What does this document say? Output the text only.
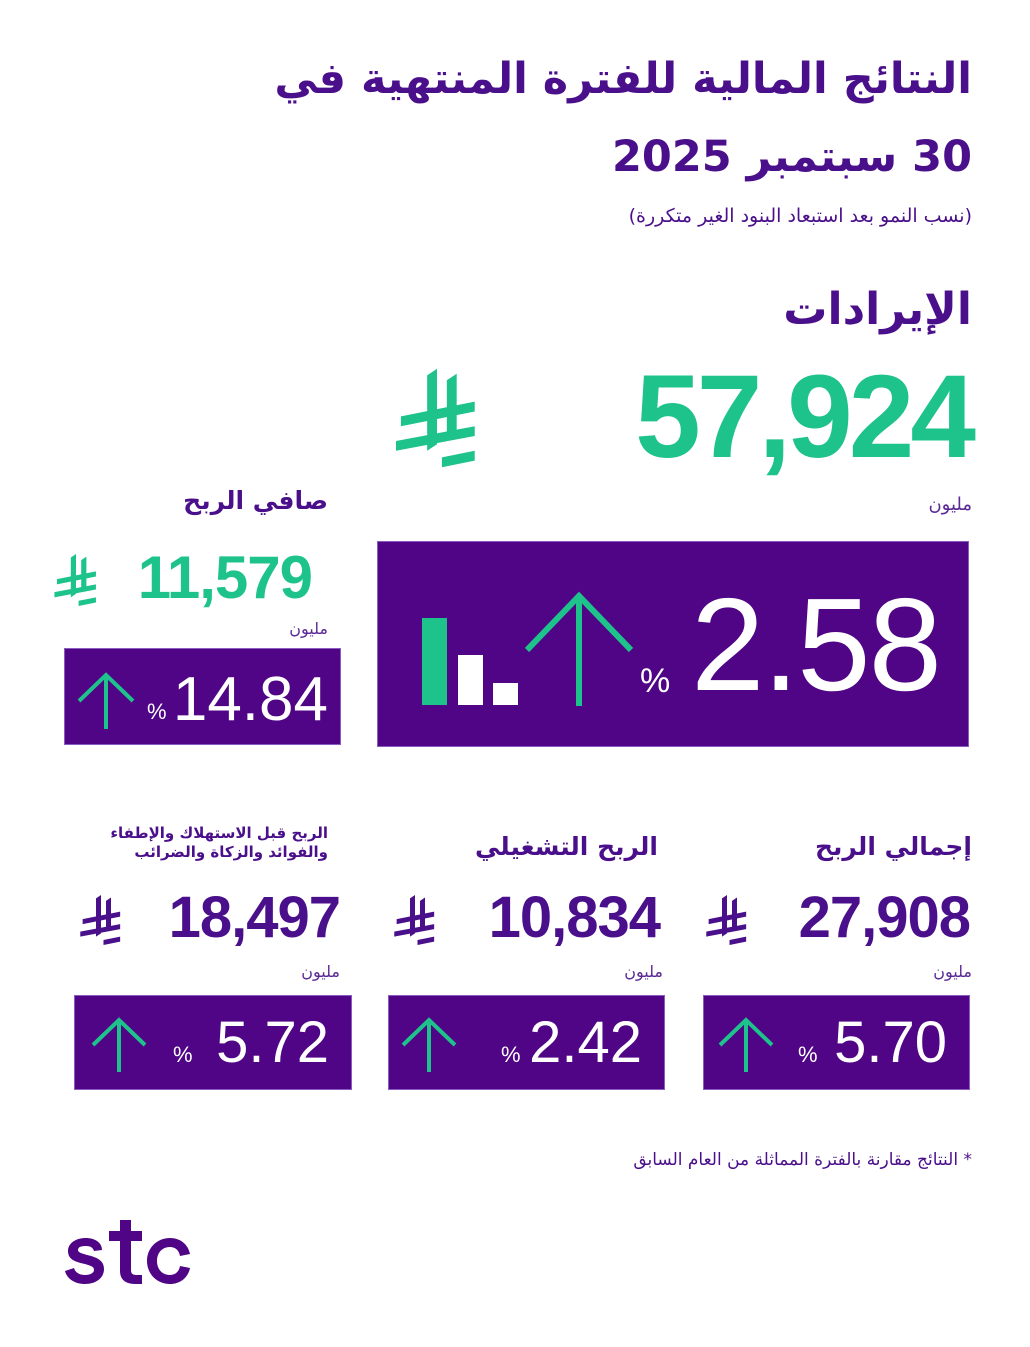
النتائج المالية للفترة المنتهية في
30 سبتمبر 2025
(نسب النمو بعد استبعاد البنود الغير متكررة)
الإيرادات
57,924
مليون
% 2.58
صافي الربح
11,579
مليون
% 14.84
إجمالي الربح
27,908
مليون
% 5.70
الربح التشغيلي
10,834
مليون
% 2.42
الربح قبل الاستهلاك والإطفاء
والفوائد والزكاة والضرائب
18,497
مليون
% 5.72
* النتائج مقارنة بالفترة المماثلة من العام السابق
